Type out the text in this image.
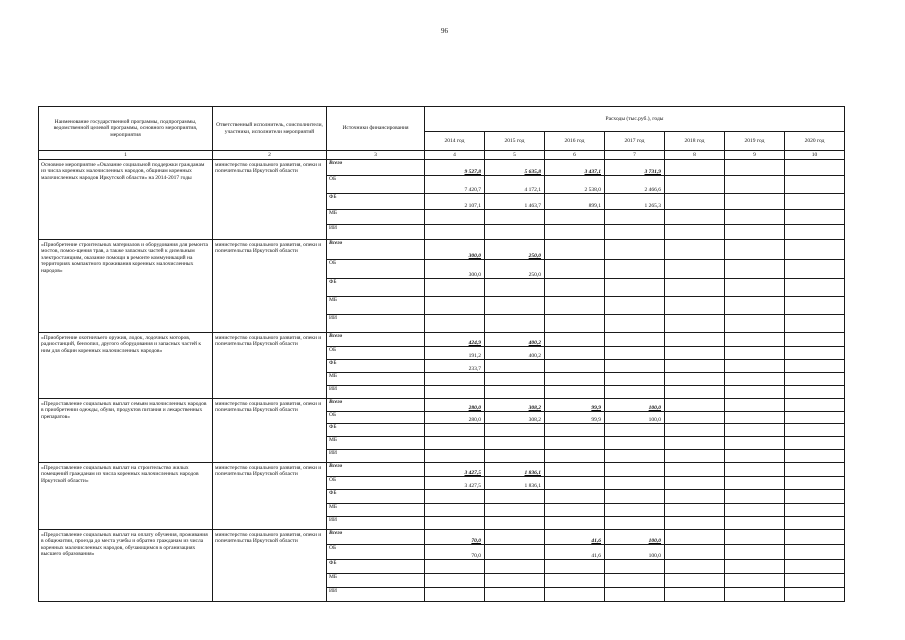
96
Наименование государственной программы, подпрограммы, ведомственной целевой программы, основного мероприятия, мероприятия	Ответственный исполнитель, соисполнители, участники, исполнители мероприятий	Источники финансирования	Расходы (тыс.руб.), годы						
			2014 год	2015 год	2016 год	2017 год	2018 год	2019 год	2020 год
1	2	3	4	5	6	7	8	9	10
Основное мероприятие «Оказание социальной поддержки гражданам из числа коренных малочисленных народов, общинам коренных малочисленных народов Иркутской области» на 2014-2017 годы	министерство социального развития, опеки и попечительства Иркутской области	Всего	9 527,8	5 635,8	3 437,1	3 731,9			
		ОБ	7 420,7	4 172,1	2 538,0	2 466,6			
		ФБ	2 107,1	1 463,7	899,1	1 265,3			
		МБ							
		ИИ							
«Приобретение строительных материалов и оборудования для ремонта мостов, помоо-щения трав, а также запасных частей к дизельным электростанциям, оказание помощи в ремонте коммуникаций на территориях компактного проживания коренных малочисленных народов»	министерство социального развития, опеки и попечительства Иркутской области	Всего	300,0	250,0					
		ОБ	300,0	250,0					
		ФБ							
		МБ							
		ИИ							
«Приобретение охотничьего оружия, лодок, лодочных моторов, радиостанций, бензопил, другого оборудования и запасных частей к ним для общин коренных малочисленных народов»	министерство социального развития, опеки и попечительства Иркутской области	Всего	424,9	400,2					
		ОБ	191,2	400,2					
		ФБ	233,7						
		МБ							
		ИИ							
«Предоставление социальных выплат семьям малочисленных народов в приобретении одежды, обуви, продуктов питания и лекарственных препаратов»	министерство социального развития, опеки и попечительства Иркутской области	Всего	280,0	308,2	99,9	100,0			
		ОБ	280,0	308,2	99,9	100,0			
		ФБ							
		МБ							
		ИИ							
«Предоставление социальных выплат на строительство жилых помещений гражданам из числа коренных малочисленных народов Иркутской области»	министерство социального развития, опеки и попечительства Иркутской области	Всего	3 427,5	1 836,1					
		ОБ	3 427,5	1 836,1					
		ФБ							
		МБ							
		ИИ							
«Предоставление социальных выплат на оплату обучения, проживания в общежитии, проезда до места учебы и обратно гражданам из числа коренных малочисленных народов, обучающимся в организациях высшего образования»	министерство социального развития, опеки и попечительства Иркутской области	Всего	70,0		41,6	100,0			
		ОБ	70,0		41,6	100,0			
		ФБ							
		МБ							
		ИИ							
